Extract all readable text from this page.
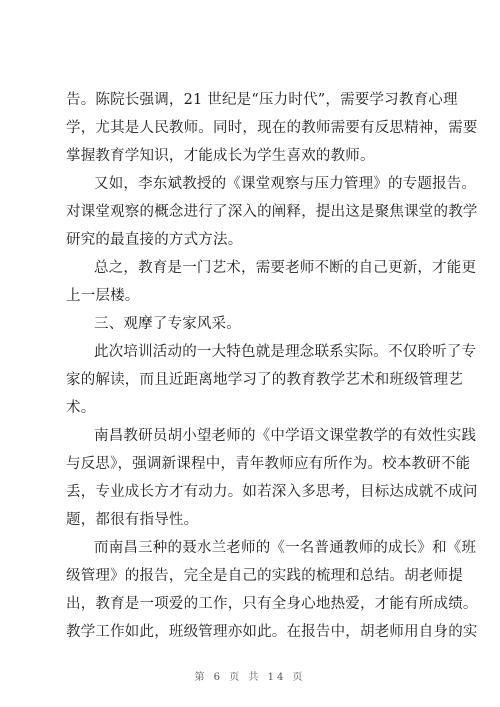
告。陈院长强调，21 世纪是“压力时代”，需要学习教育心理
学，尤其是人民教师。同时，现在的教师需要有反思精神，需要
掌握教育学知识，才能成长为学生喜欢的教师。
又如，李东斌教授的《课堂观察与压力管理》的专题报告。
对课堂观察的概念进行了深入的阐释，提出这是聚焦课堂的教学
研究的最直接的方式方法。
总之，教育是一门艺术，需要老师不断的自己更新，才能更
上一层楼。
三、观摩了专家风采。
此次培训活动的一大特色就是理念联系实际。不仅聆听了专
家的解读，而且近距离地学习了的教育教学艺术和班级管理艺
术。
南昌教研员胡小望老师的《中学语文课堂教学的有效性实践
与反思》，强调新课程中，青年教师应有所作为。校本教研不能
丢，专业成长方才有动力。如若深入多思考，目标达成就不成问
题，都很有指导性。
而南昌三种的聂水兰老师的《一名普通教师的成长》和《班
级管理》的报告，完全是自己的实践的梳理和总结。胡老师提
出，教育是一项爱的工作，只有全身心地热爱，才能有所成绩。
教学工作如此，班级管理亦如此。在报告中，胡老师用自身的实
第 6 页 共 14 页
